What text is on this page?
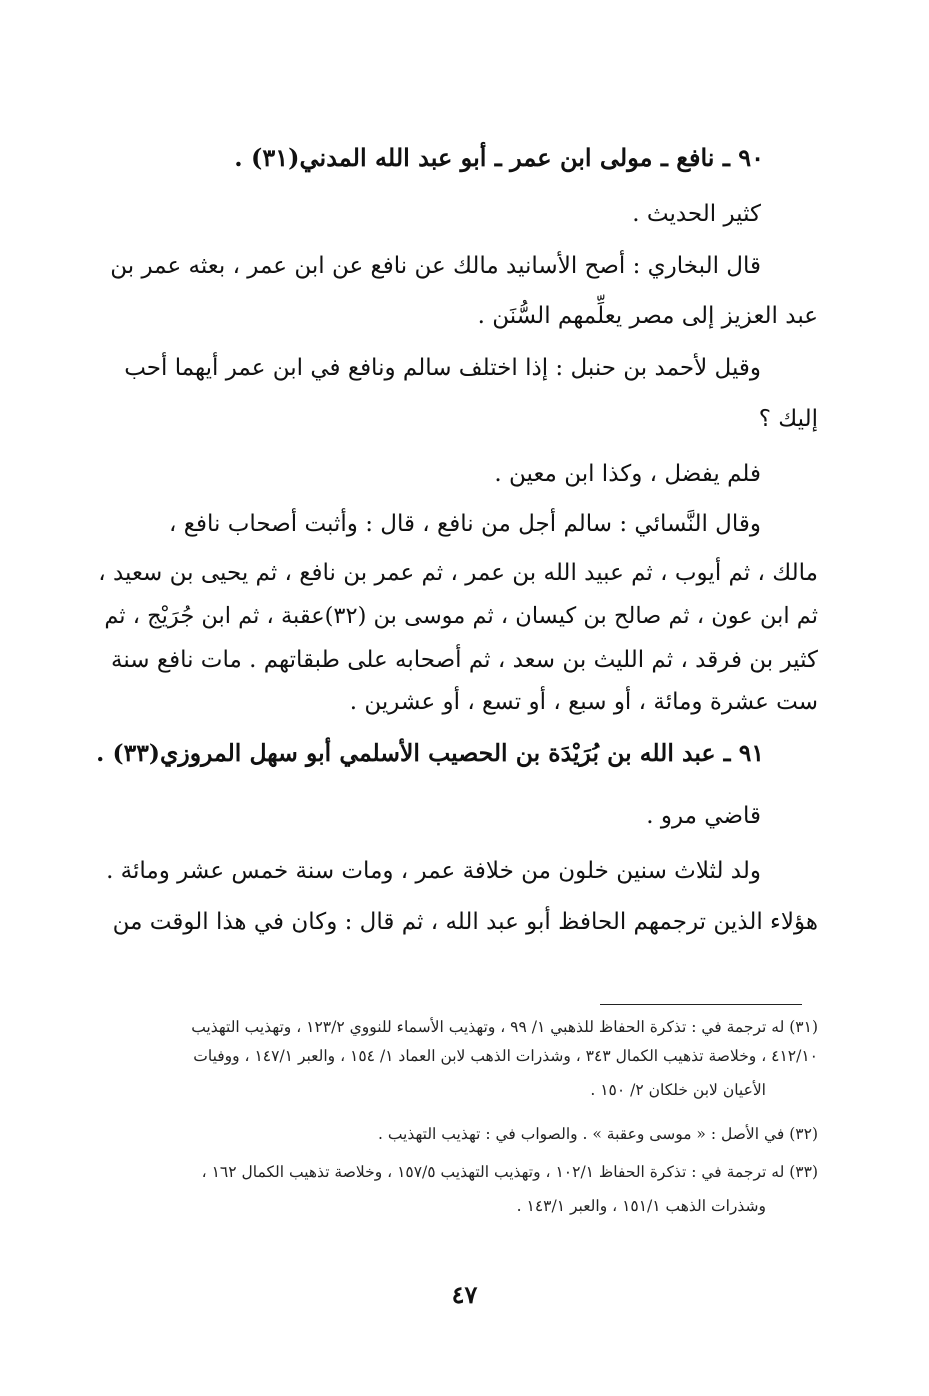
٩٠ ـ نافع ـ مولى ابن عمر ـ أبو عبد الله المدني(٣١) .
كثير الحديث .
قال البخاري : أصح الأسانيد مالك عن نافع عن ابن عمر ، بعثه عمر بن
عبد العزيز إلى مصر يعلِّمهم السُّنَن .
وقيل لأحمد بن حنبل : إذا اختلف سالم ونافع في ابن عمر أيهما أحب
إليك ؟
فلم يفضل ، وكذا ابن معين .
وقال النَّسائي : سالم أجل من نافع ، قال : وأثبت أصحاب نافع ،
مالك ، ثم أيوب ، ثم عبيد الله بن عمر ، ثم عمر بن نافع ، ثم يحيى بن سعيد ،
ثم ابن عون ، ثم صالح بن كيسان ، ثم موسى بن (٣٢)عقبة ، ثم ابن جُرَيْج ، ثم
كثير بن فرقد ، ثم الليث بن سعد ، ثم أصحابه على طبقاتهم . مات نافع سنة
ست عشرة ومائة ، أو سبع ، أو تسع ، أو عشرين .
٩١ ـ عبد الله بن بُرَيْدَة بن الحصيب الأسلمي أبو سهل المروزي(٣٣) .
قاضي مرو .
ولد لثلاث سنين خلون من خلافة عمر ، ومات سنة خمس عشر ومائة .
هؤلاء الذين ترجمهم الحافظ أبو عبد الله ، ثم قال : وكان في هذا الوقت من
(٣١) له ترجمة في : تذكرة الحفاظ للذهبي ١/ ٩٩ ، وتهذيب الأسماء للنووي ١٢٣/٢ ، وتهذيب التهذيب
٤١٢/١٠ ، وخلاصة تذهيب الكمال ٣٤٣ ، وشذرات الذهب لابن العماد ١/ ١٥٤ ، والعبر ١٤٧/١ ، ووفيات
الأعيان لابن خلكان ٢/ ١٥٠ .
(٣٢) في الأصل : « موسى وعقبة » . والصواب في : تهذيب التهذيب .
(٣٣) له ترجمة في : تذكرة الحفاظ ١٠٢/١ ، وتهذيب التهذيب ١٥٧/٥ ، وخلاصة تذهيب الكمال ١٦٢ ،
وشذرات الذهب ١٥١/١ ، والعبر ١٤٣/١ .
٤٧
